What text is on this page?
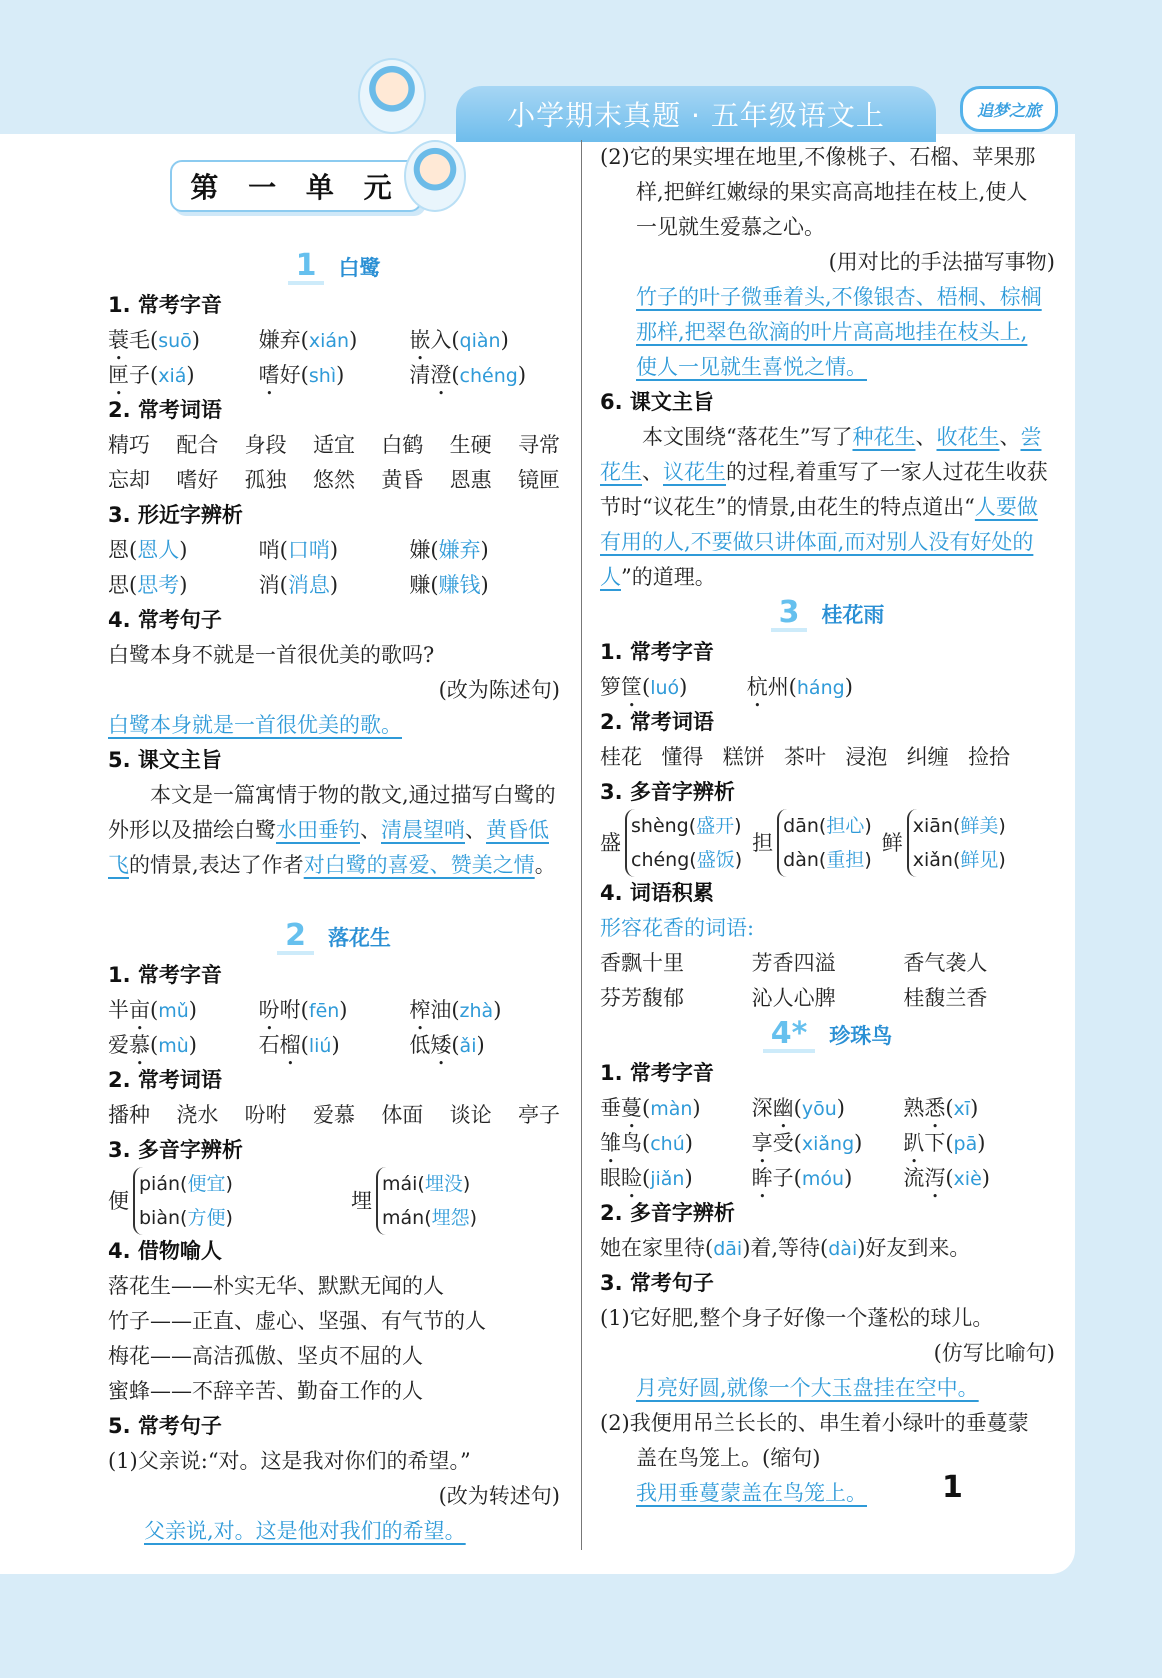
小学期末真题 · 五年级语文上	追梦之旅
第 一 单 元
1 白鹭
1. 常考字音
蓑毛(suō)	嫌弃(xián)	嵌入(qiàn)
匣子(xiá)	嗜好(shì)	清澄(chéng)
2. 常考词语
精巧 配合 身段 适宜 白鹤 生硬 寻常
忘却 嗜好 孤独 悠然 黄昏 恩惠 镜匣
3. 形近字辨析
恩(恩人)	哨(口哨)	嫌(嫌弃)
思(思考)	消(消息)	赚(赚钱)
4. 常考句子
白鹭本身不就是一首很优美的歌吗?
(改为陈述句)
白鹭本身就是一首很优美的歌。
5. 课文主旨
本文是一篇寓情于物的散文,通过描写白鹭的外形以及描绘白鹭水田垂钓、清晨望哨、黄昏低飞的情景,表达了作者对白鹭的喜爱、赞美之情。
2 落花生
1. 常考字音
半亩(mǔ)	吩咐(fēn)	榨油(zhà)
爱慕(mù)	石榴(liú)	低矮(ǎi)
2. 常考词语
播种 浇水 吩咐 爱慕 体面 谈论 亭子
3. 多音字辨析
便
pián(便宜)
biàn(方便)
埋
mái(埋没)
mán(埋怨)
4. 借物喻人
落花生——朴实无华、默默无闻的人
竹子——正直、虚心、坚强、有气节的人
梅花——高洁孤傲、坚贞不屈的人
蜜蜂——不辞辛苦、勤奋工作的人
5. 常考句子
(1)父亲说:“对。这是我对你们的希望。”
(改为转述句)
父亲说,对。这是他对我们的希望。
(2)它的果实埋在地里,不像桃子、石榴、苹果那
样,把鲜红嫩绿的果实高高地挂在枝上,使人
一见就生爱慕之心。
(用对比的手法描写事物)
竹子的叶子微垂着头,不像银杏、梧桐、棕榈
那样,把翠色欲滴的叶片高高地挂在枝头上,
使人一见就生喜悦之情。
6. 课文主旨
本文围绕“落花生”写了种花生、收花生、尝花生、议花生的过程,着重写了一家人过花生收获节时“议花生”的情景,由花生的特点道出“人要做有用的人,不要做只讲体面,而对别人没有好处的人”的道理。
3 桂花雨
1. 常考字音
箩筐(luó)	杭州(háng)
2. 常考词语
桂花 懂得 糕饼 茶叶 浸泡 纠缠 捡拾
3. 多音字辨析
盛
shèng(盛开)
chéng(盛饭)
担
dān(担心)
dàn(重担)
鲜
xiān(鲜美)
xiǎn(鲜见)
4. 词语积累
形容花香的词语:
香飘十里	芳香四溢	香气袭人
芬芳馥郁	沁人心脾	桂馥兰香
4* 珍珠鸟
1. 常考字音
垂蔓(màn)	深幽(yōu)	熟悉(xī)
雏鸟(chú)	享受(xiǎng)	趴下(pā)
眼睑(jiǎn)	眸子(móu)	流泻(xiè)
2. 多音字辨析
她在家里待(dāi)着,等待(dài)好友到来。
3. 常考句子
(1)它好肥,整个身子好像一个蓬松的球儿。
(仿写比喻句)
月亮好圆,就像一个大玉盘挂在空中。
(2)我便用吊兰长长的、串生着小绿叶的垂蔓蒙
盖在鸟笼上。(缩句)
我用垂蔓蒙盖在鸟笼上。	1
